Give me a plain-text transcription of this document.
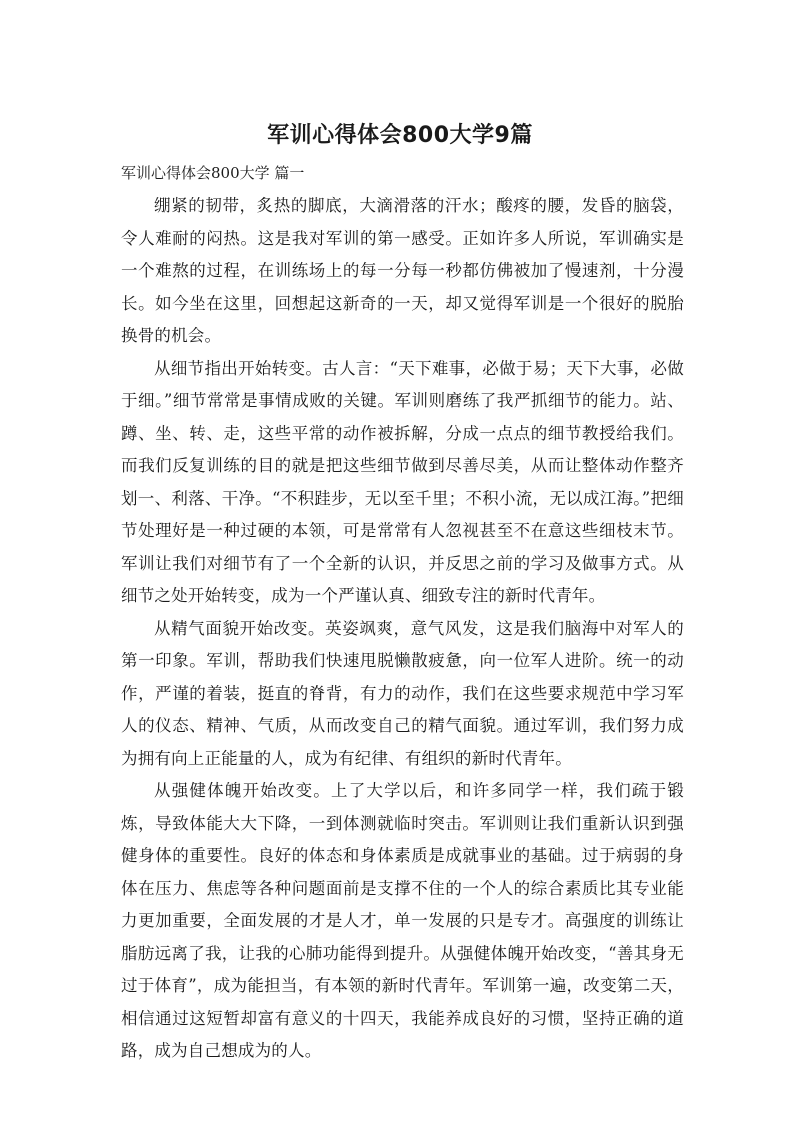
军训心得体会800大学9篇
军训心得体会800大学 篇一

绷紧的韧带，炙热的脚底，大滴滑落的汗水；酸疼的腰，发昏的脑袋，令人难耐的闷热。这是我对军训的第一感受。正如许多人所说，军训确实是一个难熬的过程，在训练场上的每一分每一秒都仿佛被加了慢速剂，十分漫长。如今坐在这里，回想起这新奇的一天，却又觉得军训是一个很好的脱胎换骨的机会。

从细节指出开始转变。古人言：“天下难事，必做于易；天下大事，必做于细。”细节常常是事情成败的关键。军训则磨练了我严抓细节的能力。站、蹲、坐、转、走，这些平常的动作被拆解，分成一点点的细节教授给我们。而我们反复训练的目的就是把这些细节做到尽善尽美，从而让整体动作整齐划一、利落、干净。“不积跬步，无以至千里；不积小流，无以成江海。”把细节处理好是一种过硬的本领，可是常常有人忽视甚至不在意这些细枝末节。军训让我们对细节有了一个全新的认识，并反思之前的学习及做事方式。从细节之处开始转变，成为一个严谨认真、细致专注的新时代青年。

从精气面貌开始改变。英姿飒爽，意气风发，这是我们脑海中对军人的第一印象。军训，帮助我们快速甩脱懒散疲惫，向一位军人进阶。统一的动作，严谨的着装，挺直的脊背，有力的动作，我们在这些要求规范中学习军人的仪态、精神、气质，从而改变自己的精气面貌。通过军训，我们努力成为拥有向上正能量的人，成为有纪律、有组织的新时代青年。

从强健体魄开始改变。上了大学以后，和许多同学一样，我们疏于锻炼，导致体能大大下降，一到体测就临时突击。军训则让我们重新认识到强健身体的重要性。良好的体态和身体素质是成就事业的基础。过于病弱的身体在压力、焦虑等各种问题面前是支撑不住的一个人的综合素质比其专业能力更加重要，全面发展的才是人才，单一发展的只是专才。高强度的训练让脂肪远离了我，让我的心肺功能得到提升。从强健体魄开始改变，“善其身无过于体育”，成为能担当，有本领的新时代青年。军训第一遍，改变第二天，相信通过这短暂却富有意义的十四天，我能养成良好的习惯，坚持正确的道路，成为自己想成为的人。
